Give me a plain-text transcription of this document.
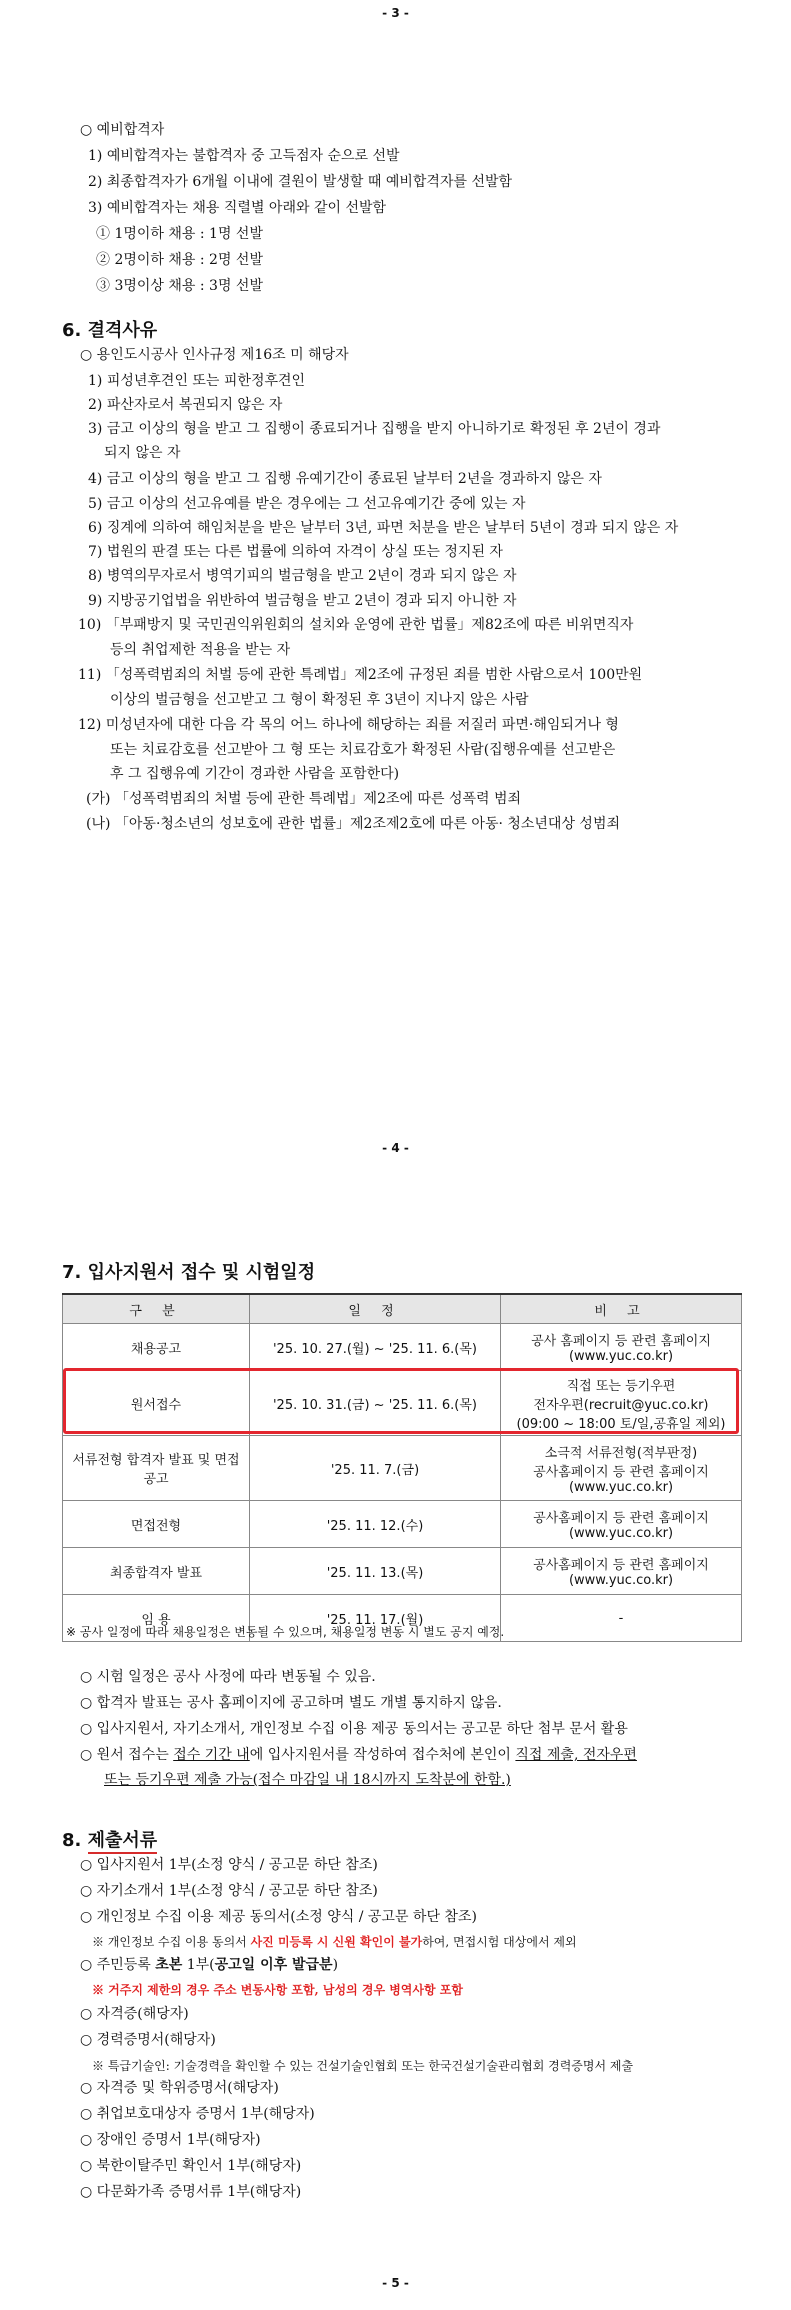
- 3 -
○ 예비합격자
1) 예비합격자는 불합격자 중 고득점자 순으로 선발
2) 최종합격자가 6개월 이내에 결원이 발생할 때 예비합격자를 선발함
3) 예비합격자는 채용 직렬별 아래와 같이 선발함
① 1명이하 채용 : 1명 선발
② 2명이하 채용 : 2명 선발
③ 3명이상 채용 : 3명 선발
6. 결격사유
○ 용인도시공사 인사규정 제16조 미 해당자
1) 피성년후견인 또는 피한정후견인
2) 파산자로서 복권되지 않은 자
3) 금고 이상의 형을 받고 그 집행이 종료되거나 집행을 받지 아니하기로 확정된 후 2년이 경과
되지 않은 자
4) 금고 이상의 형을 받고 그 집행 유예기간이 종료된 날부터 2년을 경과하지 않은 자
5) 금고 이상의 선고유예를 받은 경우에는 그 선고유예기간 중에 있는 자
6) 징계에 의하여 해임처분을 받은 날부터 3년, 파면 처분을 받은 날부터 5년이 경과 되지 않은 자
7) 법원의 판결 또는 다른 법률에 의하여 자격이 상실 또는 정지된 자
8) 병역의무자로서 병역기피의 벌금형을 받고 2년이 경과 되지 않은 자
9) 지방공기업법을 위반하여 벌금형을 받고 2년이 경과 되지 아니한 자
10) 「부패방지 및 국민권익위원회의 설치와 운영에 관한 법률」제82조에 따른 비위면직자
등의 취업제한 적용을 받는 자
11) 「성폭력범죄의 처벌 등에 관한 특례법」제2조에 규정된 죄를 범한 사람으로서 100만원
이상의 벌금형을 선고받고 그 형이 확정된 후 3년이 지나지 않은 사람
12) 미성년자에 대한 다음 각 목의 어느 하나에 해당하는 죄를 저질러 파면·해임되거나 형
또는 치료감호를 선고받아 그 형 또는 치료감호가 확정된 사람(집행유예를 선고받은
후 그 집행유예 기간이 경과한 사람을 포함한다)
(가) 「성폭력범죄의 처벌 등에 관한 특례법」제2조에 따른 성폭력 범죄
(나) 「아동·청소년의 성보호에 관한 법률」제2조제2호에 따른 아동· 청소년대상 성범죄
- 4 -
7. 입사지원서 접수 및 시험일정
구 분	일 정	비 고
채용공고	'25. 10. 27.(월) ~ '25. 11. 6.(목)	공사 홈페이지 등 관련 홈페이지
(www.yuc.co.kr)

원서접수	'25. 10. 31.(금) ~ '25. 11. 6.(목)	직접 또는 등기우편
전자우편(recruit@yuc.co.kr)
(09:00 ~ 18:00 토/일,공휴일 제외)

서류전형 합격자 발표 및 면접공고	'25. 11. 7.(금)	소극적 서류전형(적부판정)
공사홈페이지 등 관련 홈페이지
(www.yuc.co.kr)

면접전형	'25. 11. 12.(수)	공사홈페이지 등 관련 홈페이지
(www.yuc.co.kr)

최종합격자 발표	'25. 11. 13.(목)	공사홈페이지 등 관련 홈페이지
(www.yuc.co.kr)

임 용	'25. 11. 17.(월)	-
※ 공사 일정에 따라 채용일정은 변동될 수 있으며, 채용일정 변동 시 별도 공지 예정.
○ 시험 일정은 공사 사정에 따라 변동될 수 있음.
○ 합격자 발표는 공사 홈페이지에 공고하며 별도 개별 통지하지 않음.
○ 입사지원서, 자기소개서, 개인정보 수집 이용 제공 동의서는 공고문 하단 첨부 문서 활용
○ 원서 접수는 접수 기간 내에 입사지원서를 작성하여 접수처에 본인이 직접 제출, 전자우편
또는 등기우편 제출 가능(접수 마감일 내 18시까지 도착분에 한함.)
8. 제출서류
○ 입사지원서 1부(소정 양식 / 공고문 하단 참조)
○ 자기소개서 1부(소정 양식 / 공고문 하단 참조)
○ 개인정보 수집 이용 제공 동의서(소정 양식 / 공고문 하단 참조)
※ 개인정보 수집 이용 동의서 사진 미등록 시 신원 확인이 불가하여, 면접시험 대상에서 제외
○ 주민등록 초본 1부(공고일 이후 발급분)
※ 거주지 제한의 경우 주소 변동사항 포함, 남성의 경우 병역사항 포함
○ 자격증(해당자)
○ 경력증명서(해당자)
※ 특급기술인: 기술경력을 확인할 수 있는 건설기술인협회 또는 한국건설기술관리협회 경력증명서 제출
○ 자격증 및 학위증명서(해당자)
○ 취업보호대상자 증명서 1부(해당자)
○ 장애인 증명서 1부(해당자)
○ 북한이탈주민 확인서 1부(해당자)
○ 다문화가족 증명서류 1부(해당자)
- 5 -
